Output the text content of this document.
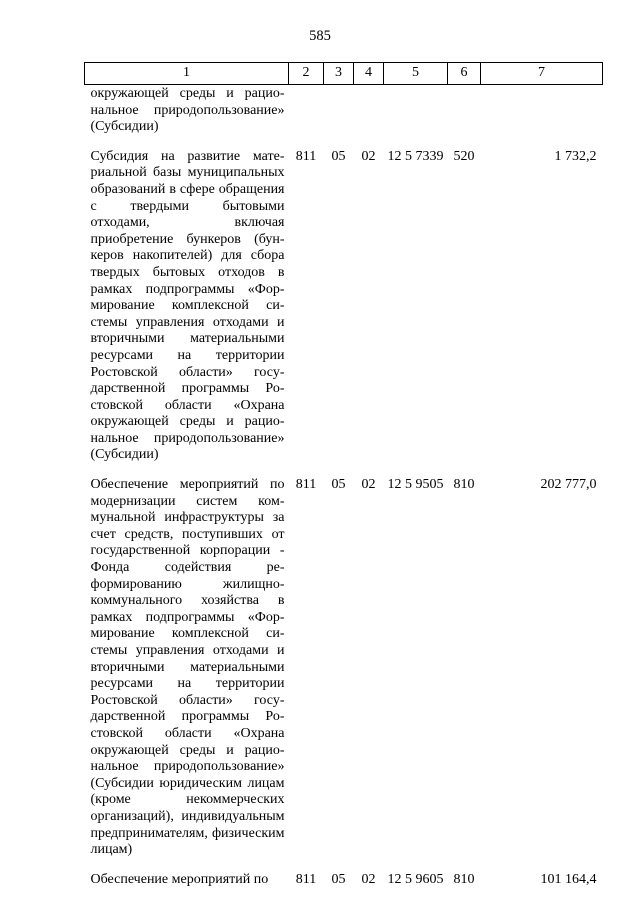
585
1	2	3	4	5	6	7
окружающей среды и рациональное природопользование» (Субсидии)						

Субсидия на развитие материальной базы муниципальных образований в сфере обращения с твердыми бытовыми отходами, включая приобретение бункеров (бункеров накопителей) для сбора твердых бытовых отходов в рамках подпрограммы «Формирование комплексной системы управления отходами и вторичными материальными ресурсами на территории Ростовской области» государственной программы Ростовской области «Охрана окружающей среды и рациональное природопользование» (Субсидии)	811	05	02	12 5 7339	520	1 732,2

Обеспечение мероприятий по модернизации систем коммунальной инфраструктуры за счет средств, поступивших от государственной корпорации - Фонда содействия реформированию жилищно-коммунального хозяйства в рамках подпрограммы «Формирование комплексной системы управления отходами и вторичными материальными ресурсами на территории Ростовской области» государственной программы Ростовской области «Охрана окружающей среды и рациональное природопользование» (Субсидии юридическим лицам (кроме некоммерческих организаций), индивидуальным предпринимателям, физическим лицам)	811	05	02	12 5 9505	810	202 777,0

Обеспечение мероприятий по	811	05	02	12 5 9605	810	101 164,4
